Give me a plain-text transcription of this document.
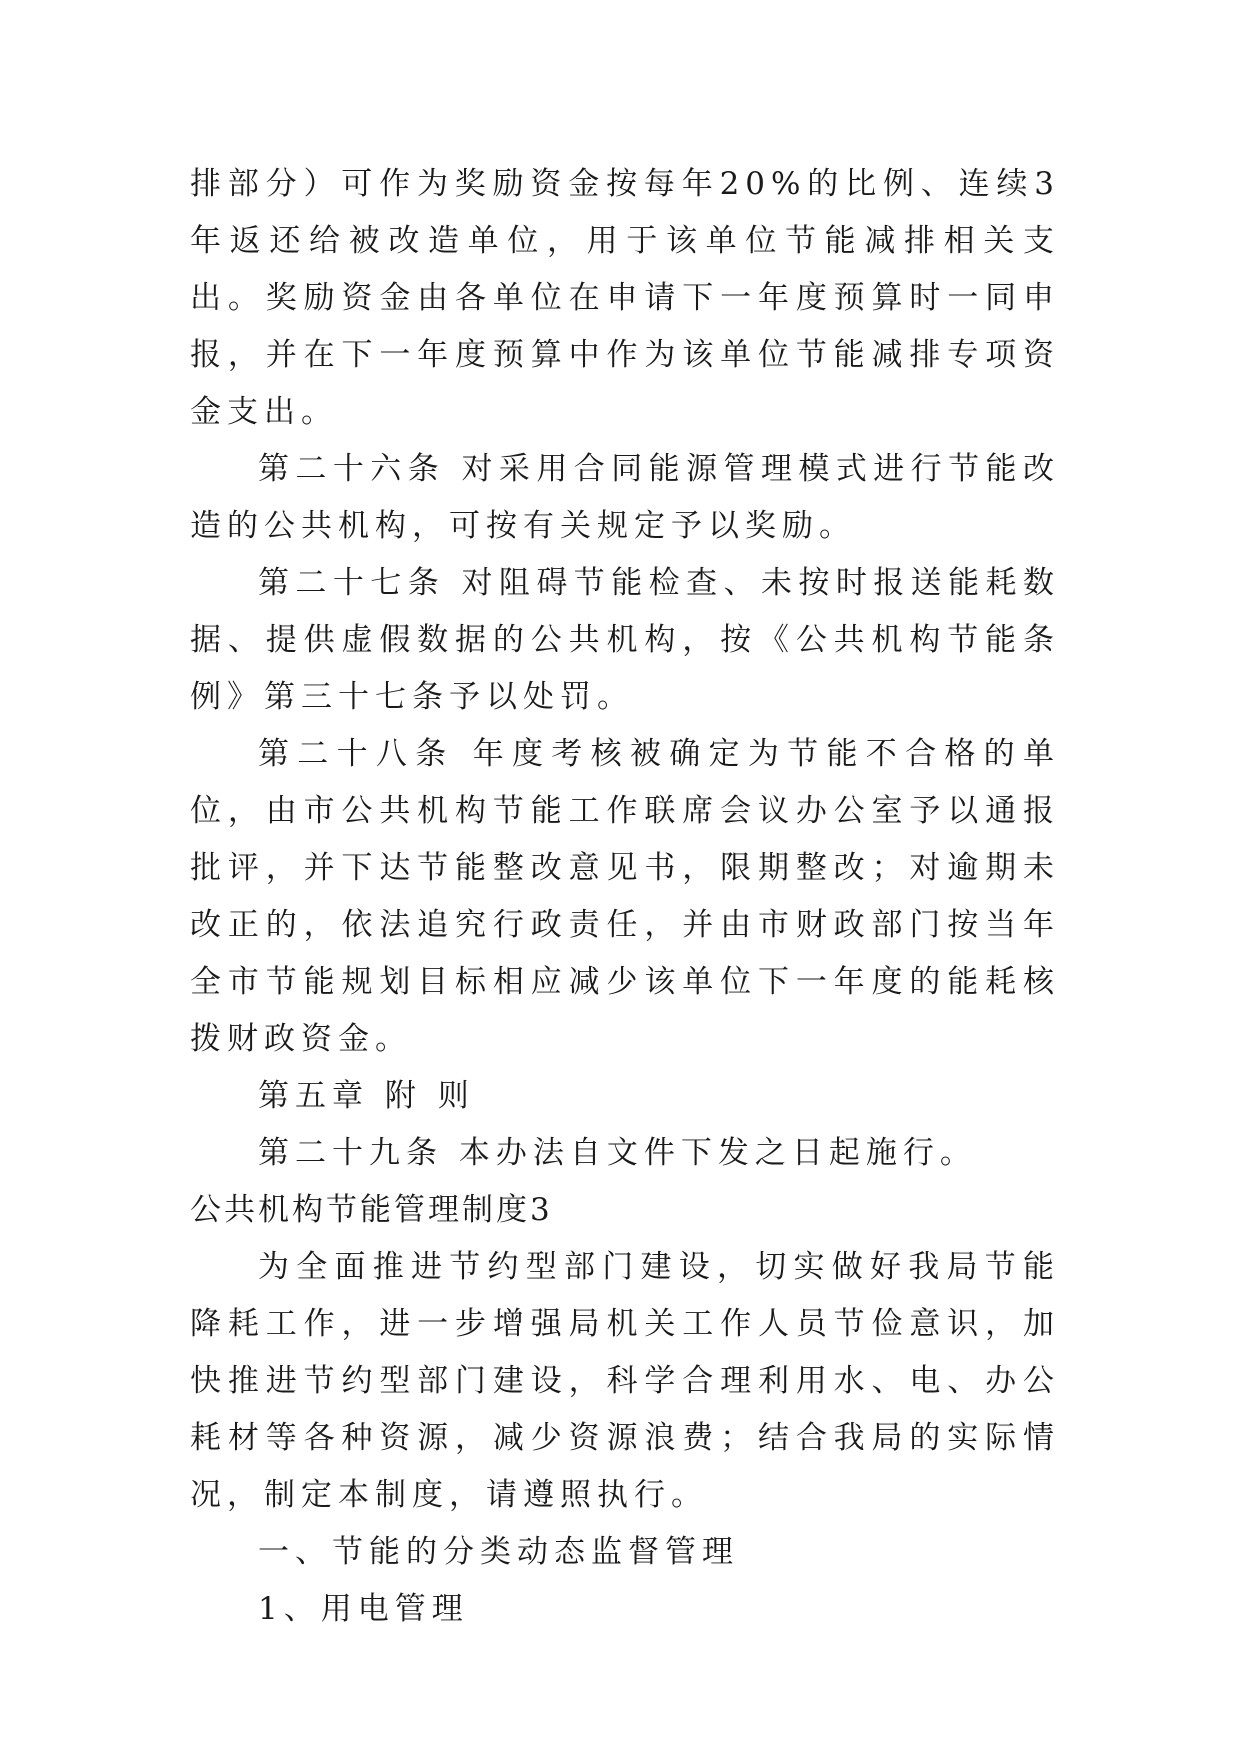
排部分）可作为奖励资金按每年20%的比例、连续3年返还给被改造单位，用于该单位节能减排相关支出。奖励资金由各单位在申请下一年度预算时一同申报，并在下一年度预算中作为该单位节能减排专项资金支出。

第二十六条 对采用合同能源管理模式进行节能改造的公共机构，可按有关规定予以奖励。

第二十七条 对阻碍节能检查、未按时报送能耗数据、提供虚假数据的公共机构，按《公共机构节能条例》第三十七条予以处罚。

第二十八条 年度考核被确定为节能不合格的单位，由市公共机构节能工作联席会议办公室予以通报批评，并下达节能整改意见书，限期整改；对逾期未改正的，依法追究行政责任，并由市财政部门按当年全市节能规划目标相应减少该单位下一年度的能耗核拨财政资金。

第五章 附 则

第二十九条 本办法自文件下发之日起施行。

公共机构节能管理制度3

为全面推进节约型部门建设，切实做好我局节能降耗工作，进一步增强局机关工作人员节俭意识，加快推进节约型部门建设，科学合理利用水、电、办公耗材等各种资源，减少资源浪费；结合我局的实际情况，制定本制度，请遵照执行。

一、节能的分类动态监督管理

1、用电管理
